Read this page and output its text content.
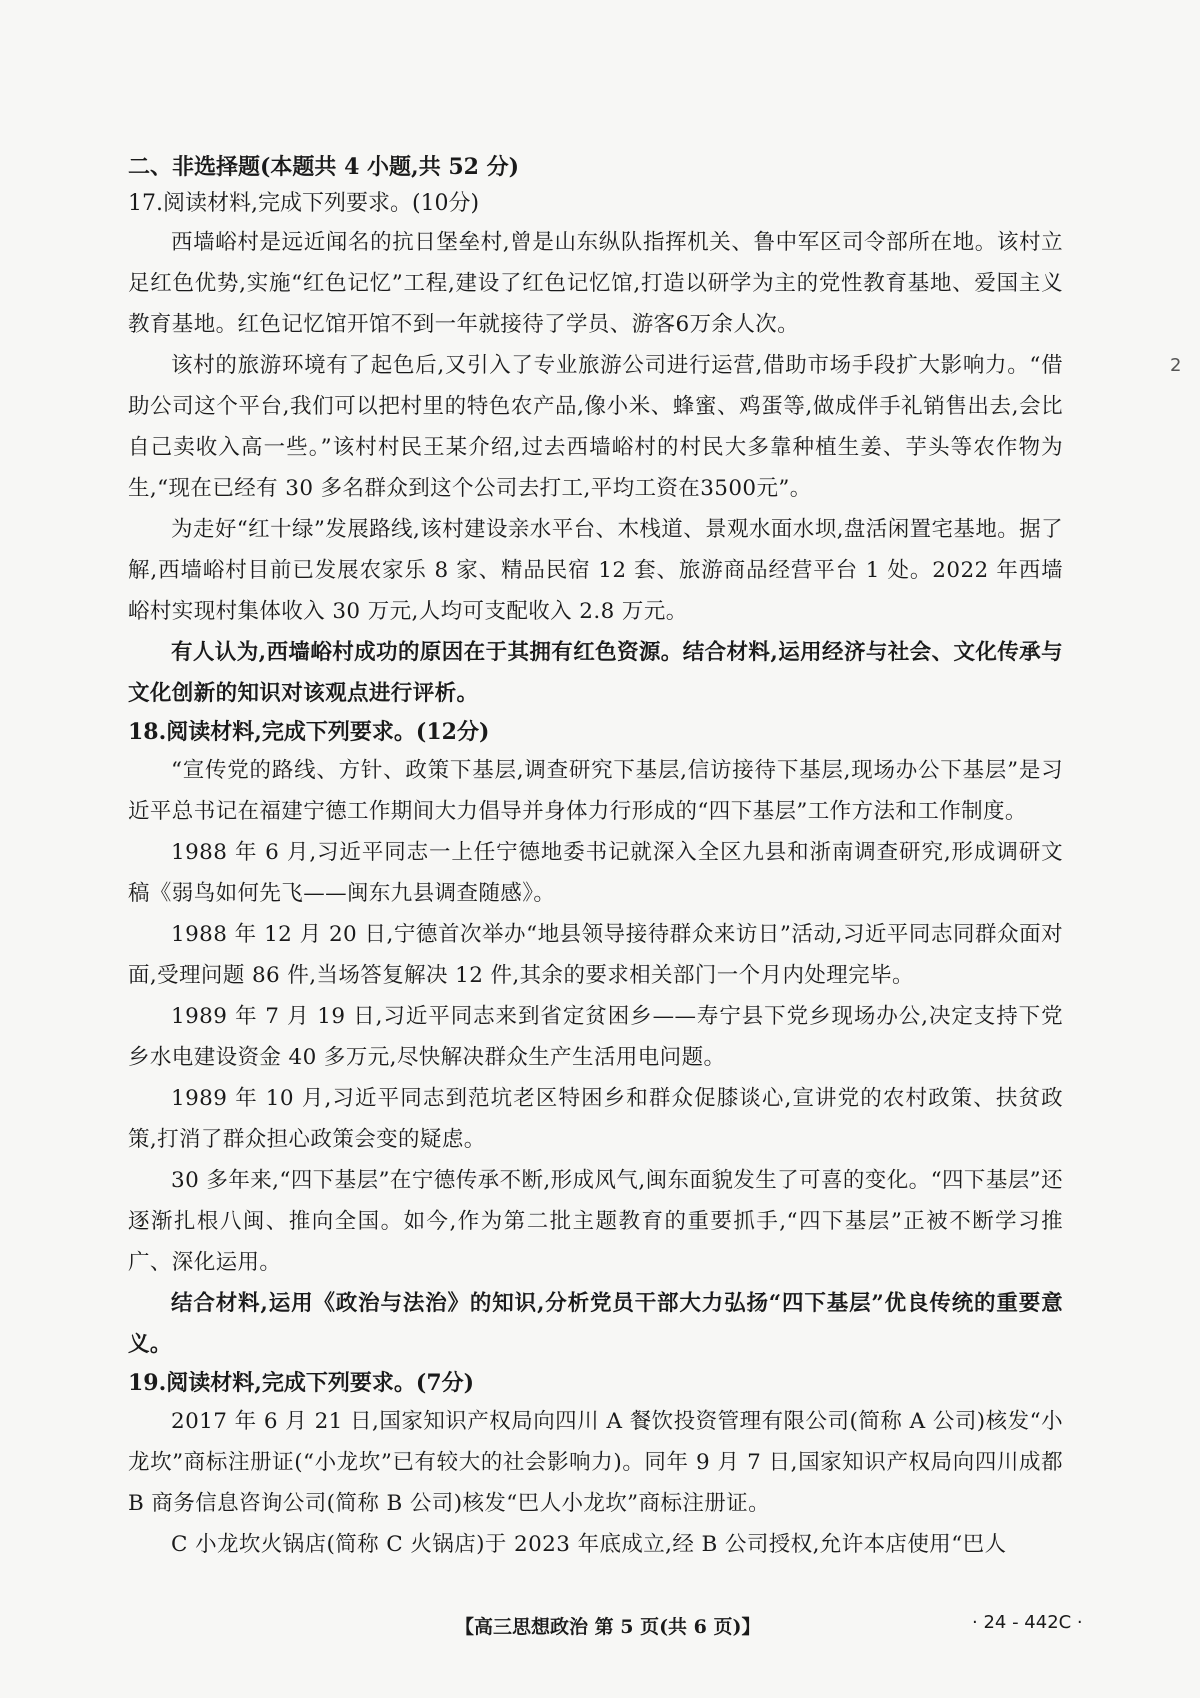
2
二、非选择题(本题共 4 小题,共 52 分)
17.阅读材料,完成下列要求。(10分)

西墙峪村是远近闻名的抗日堡垒村,曾是山东纵队指挥机关、鲁中军区司令部所在地。该村立足红色优势,实施“红色记忆”工程,建设了红色记忆馆,打造以研学为主的党性教育基地、爱国主义教育基地。红色记忆馆开馆不到一年就接待了学员、游客6万余人次。

该村的旅游环境有了起色后,又引入了专业旅游公司进行运营,借助市场手段扩大影响力。“借助公司这个平台,我们可以把村里的特色农产品,像小米、蜂蜜、鸡蛋等,做成伴手礼销售出去,会比自己卖收入高一些。”该村村民王某介绍,过去西墙峪村的村民大多靠种植生姜、芋头等农作物为生,“现在已经有 30 多名群众到这个公司去打工,平均工资在3500元”。

为走好“红十绿”发展路线,该村建设亲水平台、木栈道、景观水面水坝,盘活闲置宅基地。据了解,西墙峪村目前已发展农家乐 8 家、精品民宿 12 套、旅游商品经营平台 1 处。2022 年西墙峪村实现村集体收入 30 万元,人均可支配收入 2.8 万元。

有人认为,西墙峪村成功的原因在于其拥有红色资源。结合材料,运用经济与社会、文化传承与文化创新的知识对该观点进行评析。

18.阅读材料,完成下列要求。(12分)

“宣传党的路线、方针、政策下基层,调查研究下基层,信访接待下基层,现场办公下基层”是习近平总书记在福建宁德工作期间大力倡导并身体力行形成的“四下基层”工作方法和工作制度。

1988 年 6 月,习近平同志一上任宁德地委书记就深入全区九县和浙南调查研究,形成调研文稿《弱鸟如何先飞——闽东九县调查随感》。

1988 年 12 月 20 日,宁德首次举办“地县领导接待群众来访日”活动,习近平同志同群众面对面,受理问题 86 件,当场答复解决 12 件,其余的要求相关部门一个月内处理完毕。

1989 年 7 月 19 日,习近平同志来到省定贫困乡——寿宁县下党乡现场办公,决定支持下党乡水电建设资金 40 多万元,尽快解决群众生产生活用电问题。

1989 年 10 月,习近平同志到范坑老区特困乡和群众促膝谈心,宣讲党的农村政策、扶贫政策,打消了群众担心政策会变的疑虑。

30 多年来,“四下基层”在宁德传承不断,形成风气,闽东面貌发生了可喜的变化。“四下基层”还逐渐扎根八闽、推向全国。如今,作为第二批主题教育的重要抓手,“四下基层”正被不断学习推广、深化运用。

结合材料,运用《政治与法治》的知识,分析党员干部大力弘扬“四下基层”优良传统的重要意义。

19.阅读材料,完成下列要求。(7分)

2017 年 6 月 21 日,国家知识产权局向四川 A 餐饮投资管理有限公司(简称 A 公司)核发“小龙坎”商标注册证(“小龙坎”已有较大的社会影响力)。同年 9 月 7 日,国家知识产权局向四川成都 B 商务信息咨询公司(简称 B 公司)核发“巴人小龙坎”商标注册证。

C 小龙坎火锅店(简称 C 火锅店)于 2023 年底成立,经 B 公司授权,允许本店使用“巴人

【高三思想政治 第 5 页(共 6 页)】	· 24 - 442C ·
